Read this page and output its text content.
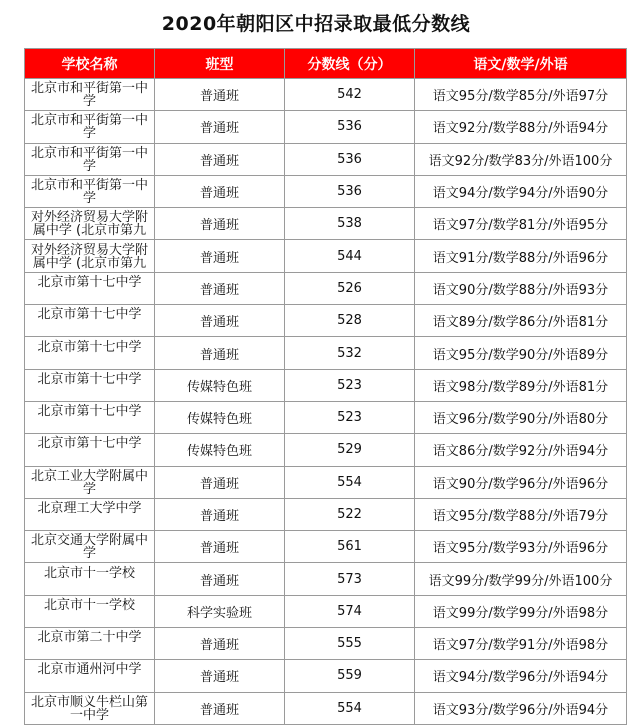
2020年朝阳区中招录取最低分数线
学校名称	班型	分数线（分）	语文/数学/外语

北京市和平街第一中学	普通班	542	语文95分/数学85分/外语97分

北京市和平街第一中学	普通班	536	语文92分/数学88分/外语94分

北京市和平街第一中学	普通班	536	语文92分/数学83分/外语100分

北京市和平街第一中学	普通班	536	语文94分/数学94分/外语90分

对外经济贸易大学附属中学 (北京市第九	普通班	538	语文97分/数学81分/外语95分

对外经济贸易大学附属中学 (北京市第九	普通班	544	语文91分/数学88分/外语96分

北京市第十七中学	普通班	526	语文90分/数学88分/外语93分

北京市第十七中学	普通班	528	语文89分/数学86分/外语81分

北京市第十七中学	普通班	532	语文95分/数学90分/外语89分

北京市第十七中学	传媒特色班	523	语文98分/数学89分/外语81分

北京市第十七中学	传媒特色班	523	语文96分/数学90分/外语80分

北京市第十七中学	传媒特色班	529	语文86分/数学92分/外语94分

北京工业大学附属中学	普通班	554	语文90分/数学96分/外语96分

北京理工大学中学	普通班	522	语文95分/数学88分/外语79分

北京交通大学附属中学	普通班	561	语文95分/数学93分/外语96分

北京市十一学校	普通班	573	语文99分/数学99分/外语100分

北京市十一学校	科学实验班	574	语文99分/数学99分/外语98分

北京市第二十中学	普通班	555	语文97分/数学91分/外语98分

北京市通州河中学	普通班	559	语文94分/数学96分/外语94分

北京市顺义牛栏山第一中学	普通班	554	语文93分/数学96分/外语94分
